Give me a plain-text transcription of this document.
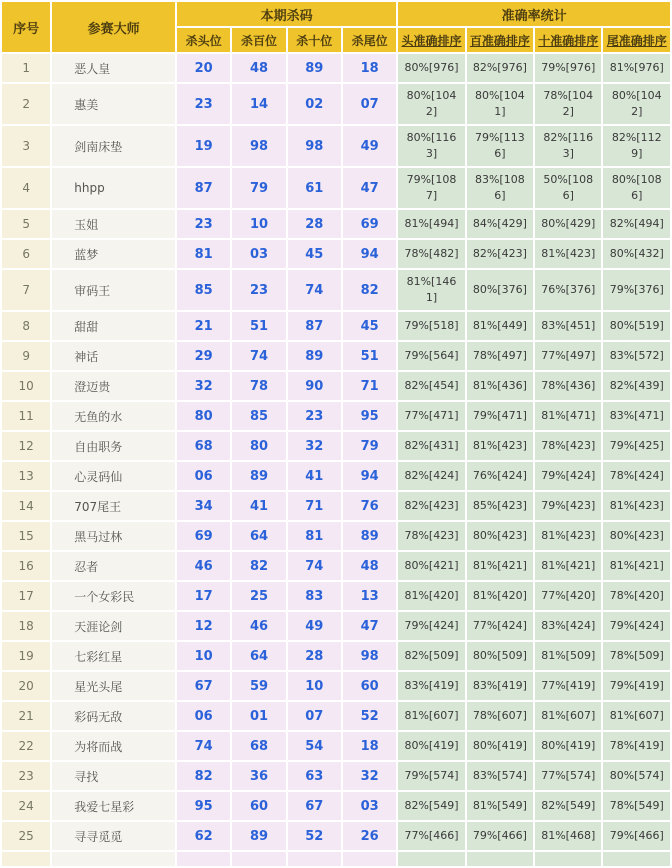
序号	参赛大师	本期杀码				准确率统计			
		杀头位	杀百位	杀十位	杀尾位	头准确排序	百准确排序	十准确排序	尾准确排序
1	恶人皇	20	48	89	18	80%[976]	82%[976]	79%[976]	81%[976]
2	惠美	23	14	02	07	80%[1042]	80%[1041]	78%[1042]	80%[1042]
3	剑南床垫	19	98	98	49	80%[1163]	79%[1136]	82%[1163]	82%[1129]
4	hhpp	87	79	61	47	79%[1087]	83%[1086]	50%[1086]	80%[1086]
5	玉姐	23	10	28	69	81%[494]	84%[429]	80%[429]	82%[494]
6	蓝梦	81	03	45	94	78%[482]	82%[423]	81%[423]	80%[432]
7	审码王	85	23	74	82	81%[1461]	80%[376]	76%[376]	79%[376]
8	甜甜	21	51	87	45	79%[518]	81%[449]	83%[451]	80%[519]
9	神话	29	74	89	51	79%[564]	78%[497]	77%[497]	83%[572]
10	澄迈贵	32	78	90	71	82%[454]	81%[436]	78%[436]	82%[439]
11	无鱼的水	80	85	23	95	77%[471]	79%[471]	81%[471]	83%[471]
12	自由职务	68	80	32	79	82%[431]	81%[423]	78%[423]	79%[425]
13	心灵码仙	06	89	41	94	82%[424]	76%[424]	79%[424]	78%[424]
14	707尾王	34	41	71	76	82%[423]	85%[423]	79%[423]	81%[423]
15	黑马过林	69	64	81	89	78%[423]	80%[423]	81%[423]	80%[423]
16	忍者	46	82	74	48	80%[421]	81%[421]	81%[421]	81%[421]
17	一个女彩民	17	25	83	13	81%[420]	81%[420]	77%[420]	78%[420]
18	天涯论剑	12	46	49	47	79%[424]	77%[424]	83%[424]	79%[424]
19	七彩红星	10	64	28	98	82%[509]	80%[509]	81%[509]	78%[509]
20	星光头尾	67	59	10	60	83%[419]	83%[419]	77%[419]	79%[419]
21	彩码无敌	06	01	07	52	81%[607]	78%[607]	81%[607]	81%[607]
22	为将而战	74	68	54	18	80%[419]	80%[419]	80%[419]	78%[419]
23	寻找	82	36	63	32	79%[574]	83%[574]	77%[574]	80%[574]
24	我爱七星彩	95	60	67	03	82%[549]	81%[549]	82%[549]	78%[549]
25	寻寻觅觅	62	89	52	26	77%[466]	79%[466]	81%[468]	79%[466]
